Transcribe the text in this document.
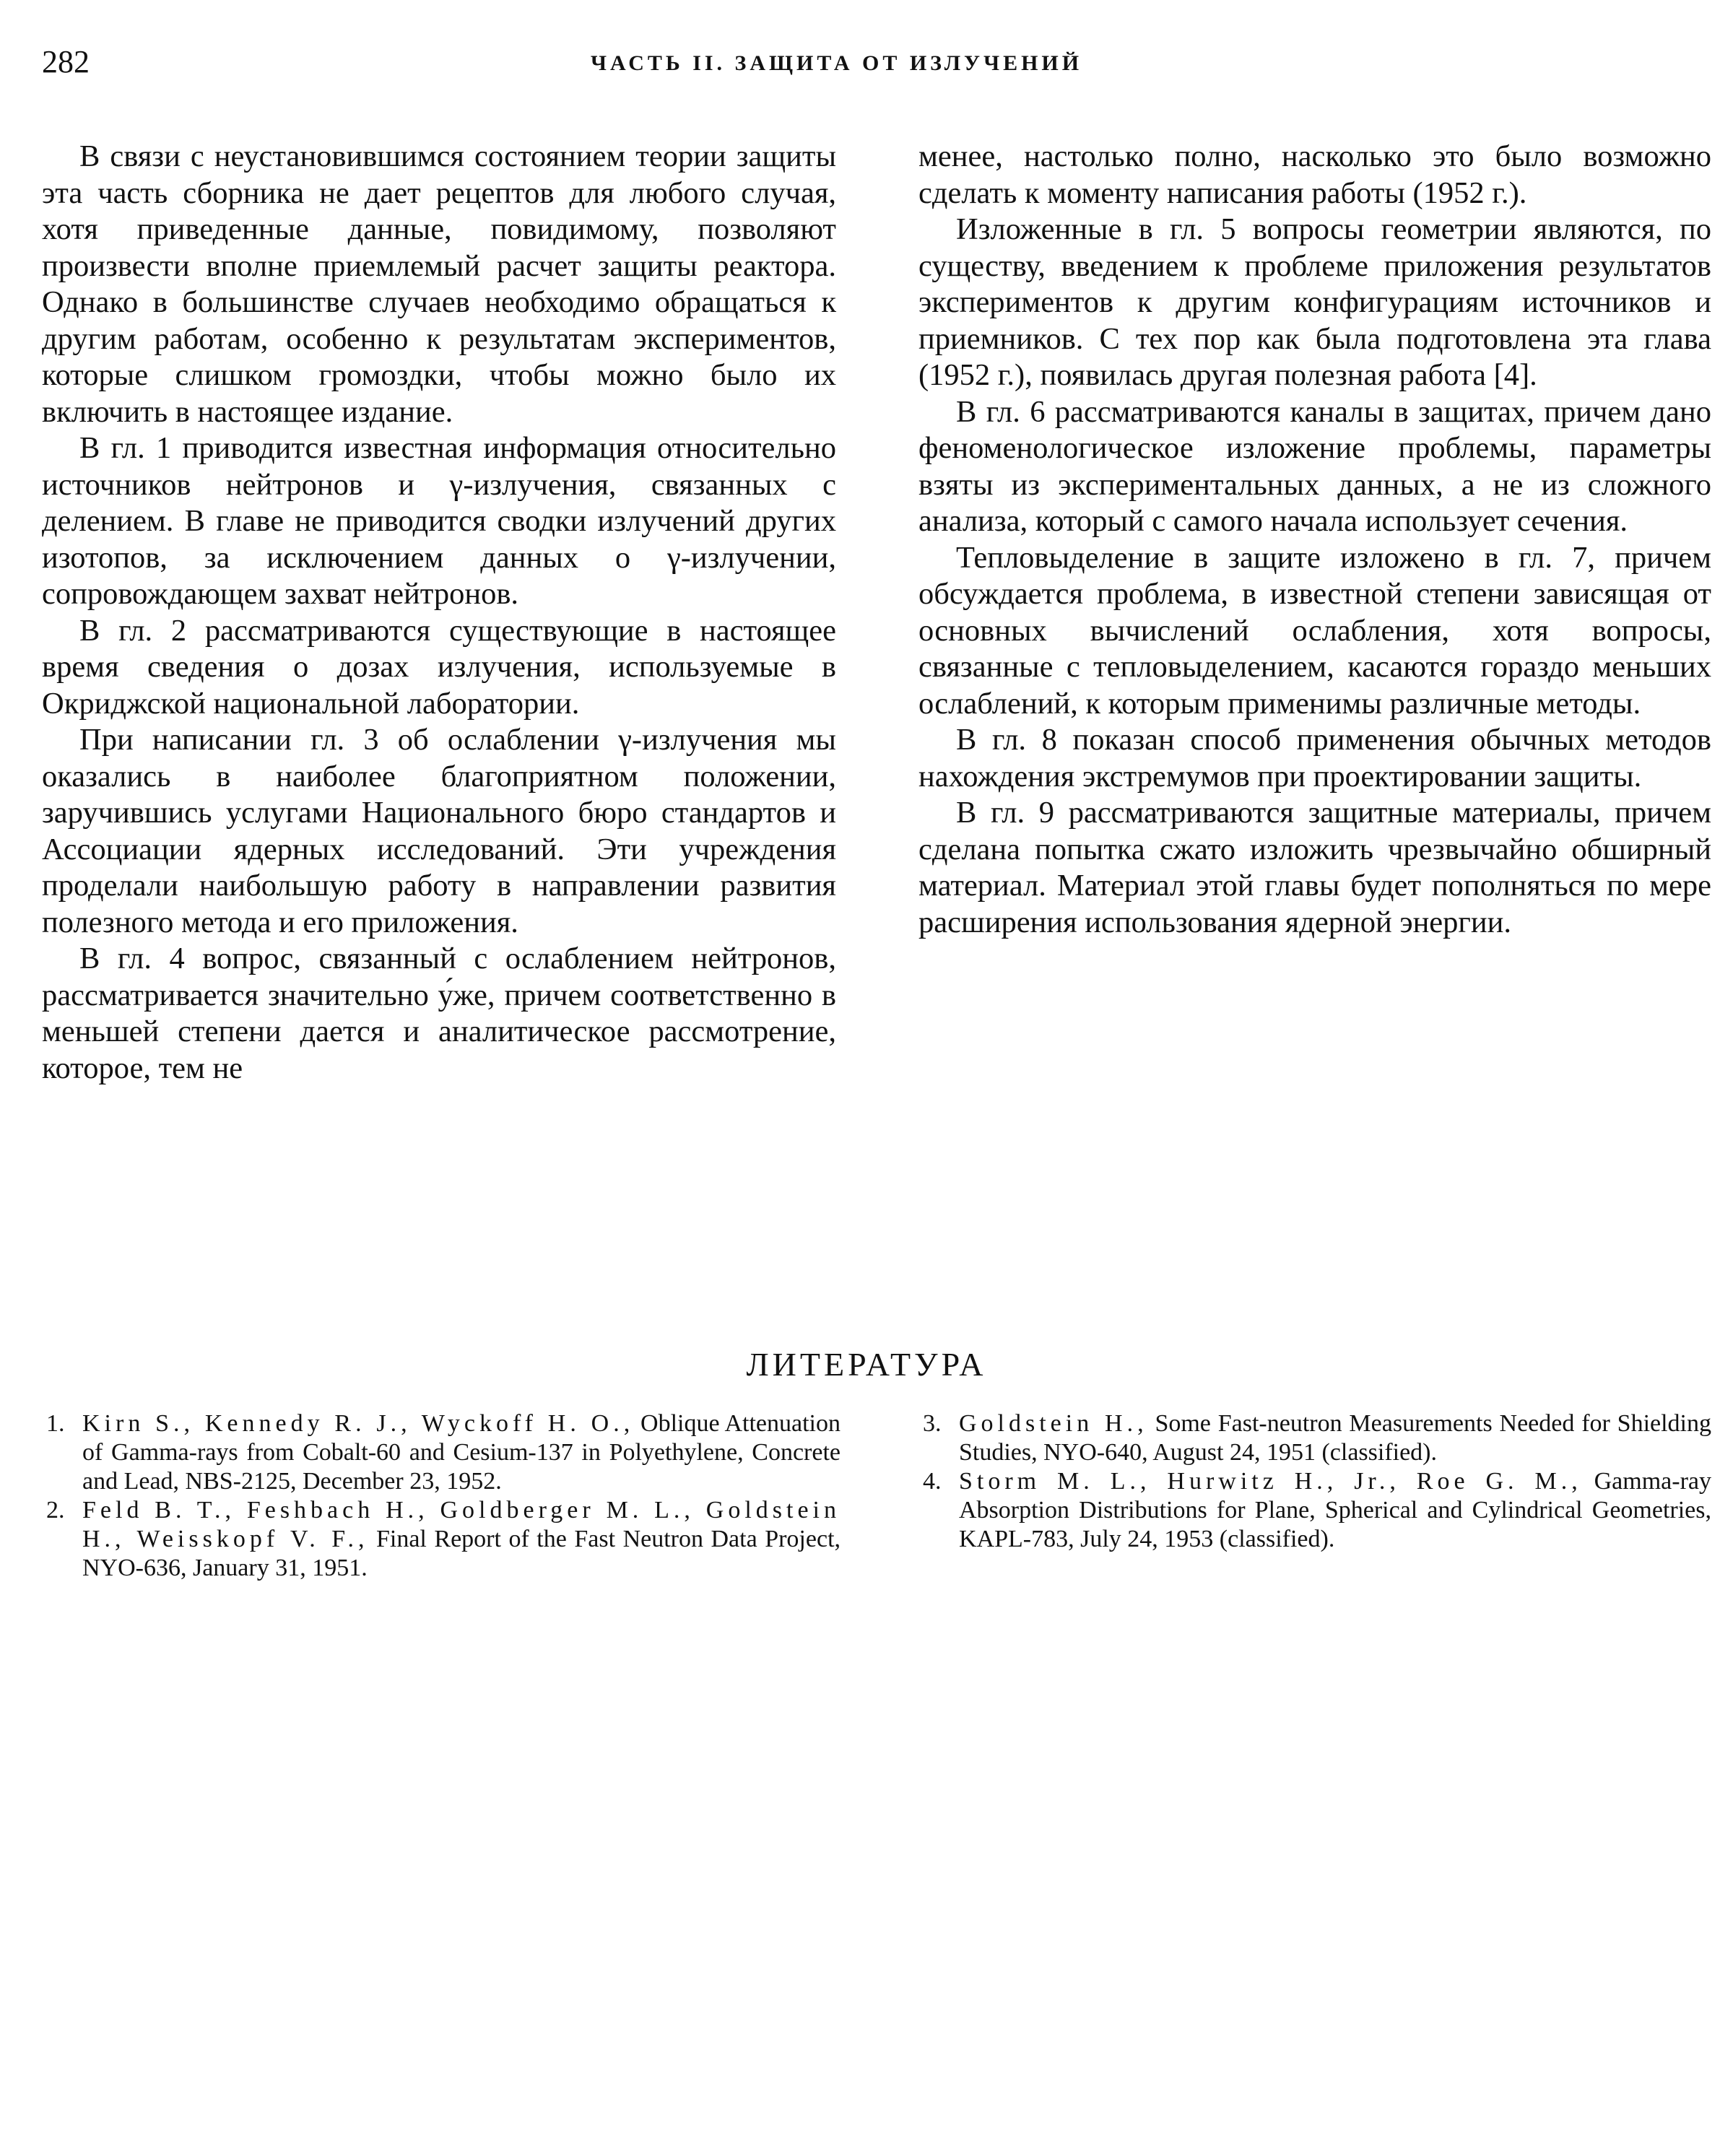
282	ЧАСТЬ II. ЗАЩИТА ОТ ИЗЛУЧЕНИЙ

В связи с неустановившимся состоянием теории защиты эта часть сборника не дает рецептов для любого случая, хотя приведенные данные, повидимому, позволяют произвести вполне приемлемый расчет защиты реактора. Однако в большинстве случаев необходимо обращаться к другим работам, особенно к результатам экспериментов, которые слишком громоздки, чтобы можно было их включить в настоящее издание.

В гл. 1 приводится известная информация относительно источников нейтронов и γ-излучения, связанных с делением. В главе не приводится сводки излучений других изотопов, за исключением данных о γ-излучении, сопровождающем захват нейтронов.

В гл. 2 рассматриваются существующие в настоящее время сведения о дозах излучения, используемые в Окриджской национальной лаборатории.

При написании гл. 3 об ослаблении γ-излучения мы оказались в наиболее благоприятном положении, заручившись услугами Национального бюро стандартов и Ассоциации ядерных исследований. Эти учреждения проделали наибольшую работу в направлении развития полезного метода и его приложения.

В гл. 4 вопрос, связанный с ослаблением нейтронов, рассматривается значительно у́же, причем соответственно в меньшей степени дается и аналитическое рассмотрение, которое, тем не

менее, настолько полно, насколько это было возможно сделать к моменту написания работы (1952 г.).

Изложенные в гл. 5 вопросы геометрии являются, по существу, введением к проблеме приложения результатов экспериментов к другим конфигурациям источников и приемников. С тех пор как была подготовлена эта глава (1952 г.), появилась другая полезная работа [4].

В гл. 6 рассматриваются каналы в защитах, причем дано феноменологическое изложение проблемы, параметры взяты из экспериментальных данных, а не из сложного анализа, который с самого начала использует сечения.

Тепловыделение в защите изложено в гл. 7, причем обсуждается проблема, в известной степени зависящая от основных вычислений ослабления, хотя вопросы, связанные с тепловыделением, касаются гораздо меньших ослаблений, к которым применимы различные методы.

В гл. 8 показан способ применения обычных методов нахождения экстремумов при проектировании защиты.

В гл. 9 рассматриваются защитные материалы, причем сделана попытка сжато изложить чрезвычайно обширный материал. Материал этой главы будет пополняться по мере расширения использования ядерной энергии.

ЛИТЕРАТУРА
1. Kirn S., Kennedy R. J., Wyckoff H. O., Oblique Attenuation of Gamma-rays from Cobalt-60 and Cesium-137 in Polyethylene, Concrete and Lead, NBS-2125, December 23, 1952.
2. Feld B. T., Feshbach H., Goldberger M. L., Goldstein H., Weisskopf V. F., Final Report of the Fast Neutron Data Project, NYO-636, January 31, 1951.
3. Goldstein H., Some Fast-neutron Measurements Needed for Shielding Studies, NYO-640, August 24, 1951 (classified).
4. Storm M. L., Hurwitz H., Jr., Roe G. M., Gamma-ray Absorption Distributions for Plane, Spherical and Cylindrical Geometries, KAPL-783, July 24, 1953 (classified).
